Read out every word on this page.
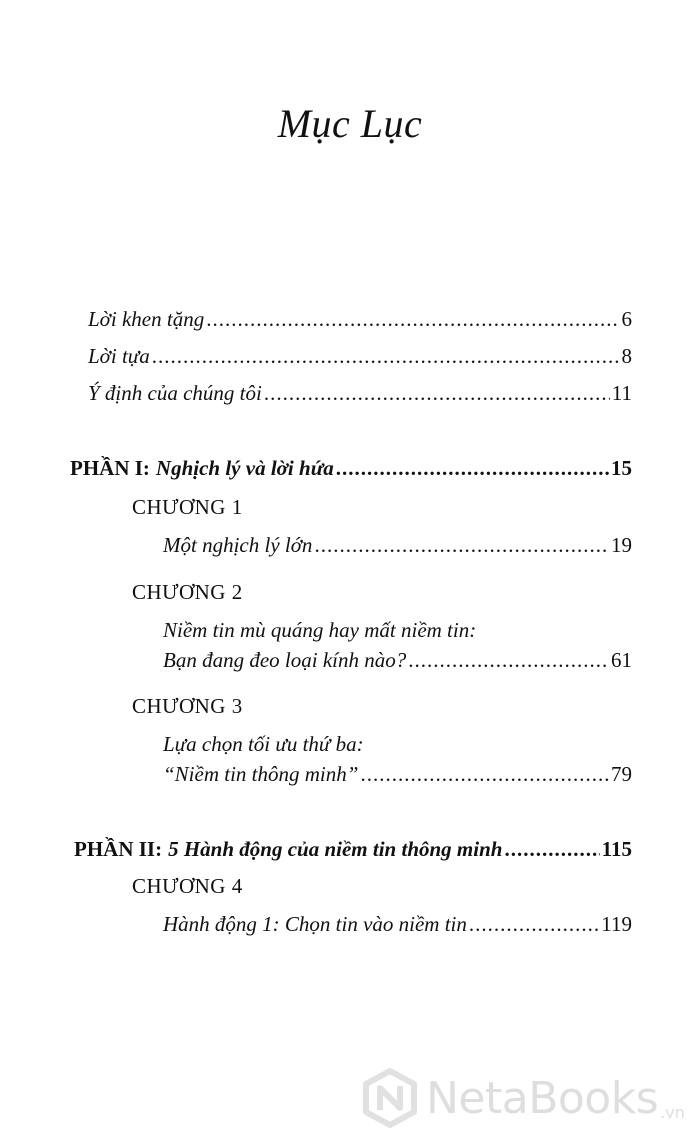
Mục Lục
Lời khen tặng .....	6
Lời tựa .....	8
Ý định của chúng tôi .....	11
PHẦN I: Nghịch lý và lời hứa .....	15
CHƯƠNG 1
Một nghịch lý lớn .....	19
CHƯƠNG 2
Niềm tin mù quáng hay mất niềm tin:
Bạn đang đeo loại kính nào? .....	61
CHƯƠNG 3
Lựa chọn tối ưu thứ ba:
“Niềm tin thông minh” .....	79
PHẦN II: 5 Hành động của niềm tin thông minh .....	115
CHƯƠNG 4
Hành động 1: Chọn tin vào niềm tin .....	119
NetaBooks .vn
